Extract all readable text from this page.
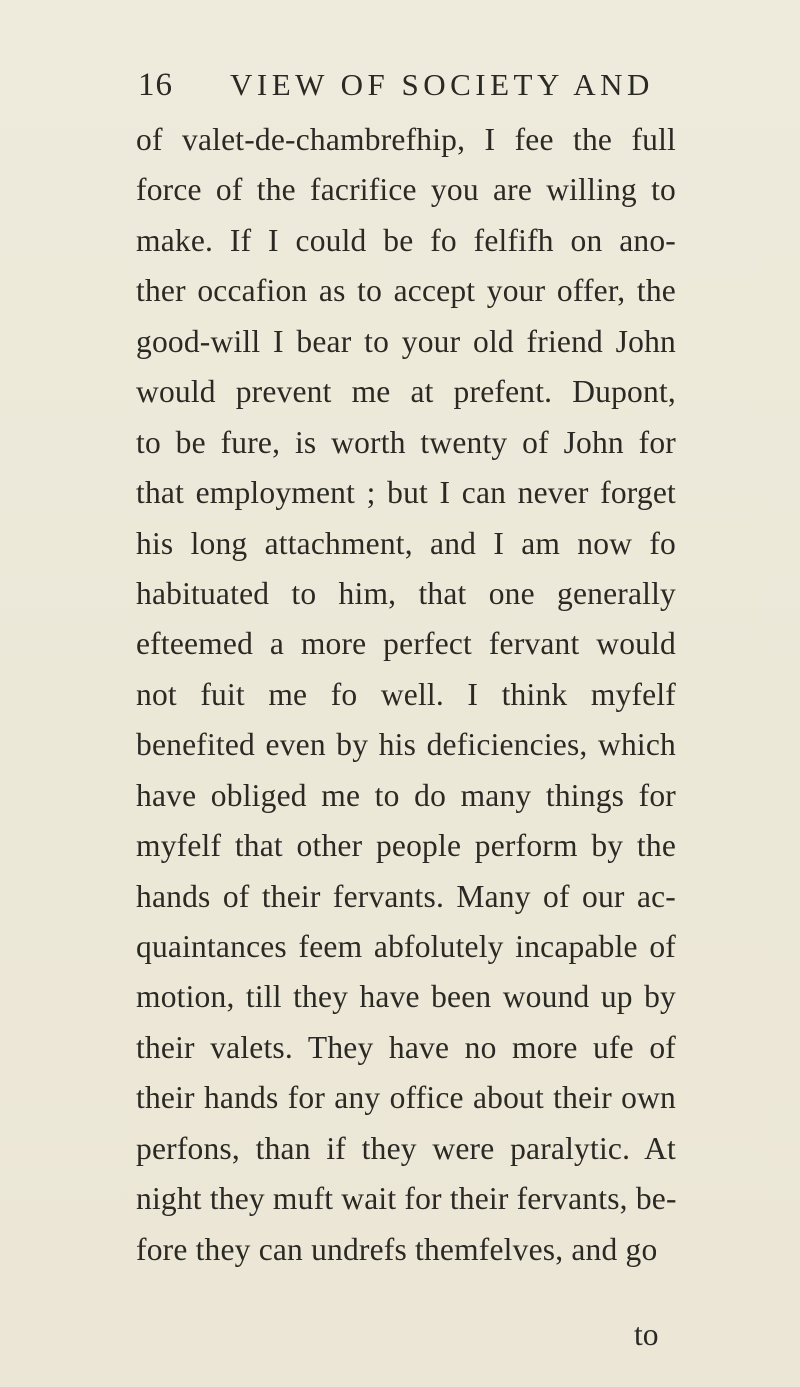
16 VIEW OF SOCIETY AND
of valet-de-chambrefhip, I fee the full
force of the facrifice you are willing to
make. If I could be fo felfifh on ano-
ther occafion as to accept your offer, the
good-will I bear to your old friend John
would prevent me at prefent. Dupont,
to be fure, is worth twenty of John for
that employment ; but I can never forget
his long attachment, and I am now fo
habituated to him, that one generally
efteemed a more perfect fervant would
not fuit me fo well. I think myfelf
benefited even by his deficiencies, which
have obliged me to do many things for
myfelf that other people perform by the
hands of their fervants. Many of our ac-
quaintances feem abfolutely incapable of
motion, till they have been wound up by
their valets. They have no more ufe of
their hands for any office about their own
perfons, than if they were paralytic. At
night they muft wait for their fervants, be-
fore they can undrefs themfelves, and go
to
